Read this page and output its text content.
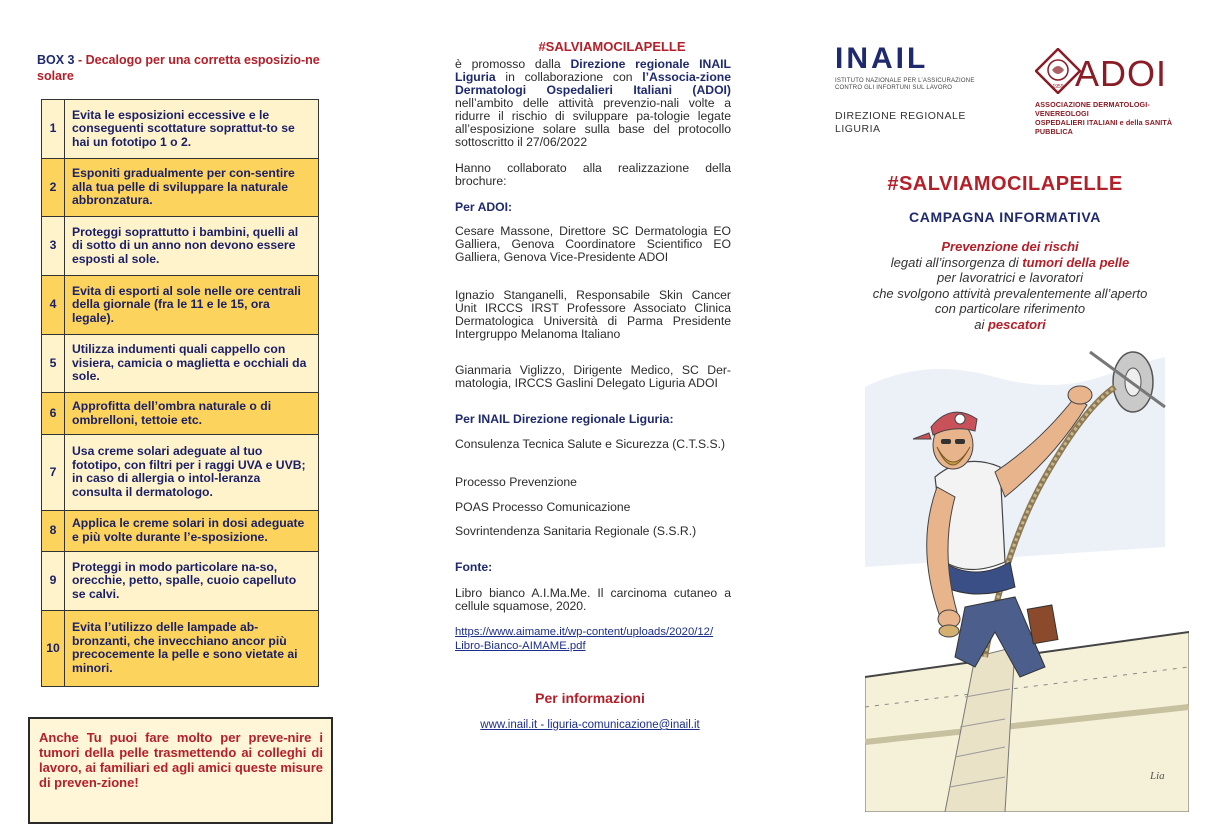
BOX 3 - Decalogo per una corretta esposizio-ne solare
1	Evita le esposizioni eccessive e le conseguenti scottature soprattut-to se hai un fototipo 1 o 2.
2	Esponiti gradualmente per con-sentire alla tua pelle di sviluppare la naturale abbronzatura.
3	Proteggi soprattutto i bambini, quelli al di sotto di un anno non devono essere esposti al sole.
4	Evita di esporti al sole nelle ore centrali della giornale (fra le 11 e le 15, ora legale).
5	Utilizza indumenti quali cappello con visiera, camicia o maglietta e occhiali da sole.
6	Approfitta dell’ombra naturale o di ombrelloni, tettoie etc.
7	Usa creme solari adeguate al tuo fototipo, con filtri per i raggi UVA e UVB; in caso di allergia o intol-leranza consulta il dermatologo.
8	Applica le creme solari in dosi adeguate e più volte durante l’e-sposizione.
9	Proteggi in modo particolare na-so, orecchie, petto, spalle, cuoio capelluto se calvi.
10	Evita l’utilizzo delle lampade ab-bronzanti, che invecchiano ancor più precocemente la pelle e sono vietate ai minori.
Anche Tu puoi fare molto per preve-nire i tumori della pelle trasmettendo ai colleghi di lavoro, ai familiari ed agli amici queste misure di preven-zione!
#SALVIAMOCILAPELLE
è promosso dalla Direzione regionale INAIL Liguria in collaborazione con l’Associa-zione Dermatologi Ospedalieri Italiani (ADOI) nell’ambito delle attività prevenzio-nali volte a ridurre il rischio di sviluppare pa-tologie legate all’esposizione solare sulla base del protocollo sottoscritto il 27/06/2022
Hanno collaborato alla realizzazione della brochure:
Per ADOI:
Cesare Massone, Direttore SC Dermatologia EO Galliera, Genova Coordinatore Scientifico EO Galliera, Genova Vice-Presidente ADOI
Ignazio Stanganelli, Responsabile Skin Cancer Unit IRCCS IRST Professore Associato Clinica Dermatologica Università di Parma Presidente Intergruppo Melanoma Italiano
Gianmaria Viglizzo, Dirigente Medico, SC Der-matologia, IRCCS Gaslini Delegato Liguria ADOI
Per INAIL Direzione regionale Liguria:
Consulenza Tecnica Salute e Sicurezza (C.T.S.S.)
Processo Prevenzione
POAS Processo Comunicazione
Sovrintendenza Sanitaria Regionale (S.S.R.)
Fonte:
Libro bianco A.I.Ma.Me. Il carcinoma cutaneo a cellule squamose, 2020.
https://www.aimame.it/wp-content/uploads/2020/12/
Libro-Bianco-AIMAME.pdf
Per informazioni
www.inail.it - liguria-comunicazione@inail.it
INAIL
ISTITUTO NAZIONALE PER L’ASSICURAZIONE
CONTRO GLI INFORTUNI SUL LAVORO
DIREZIONE REGIONALE
LIGURIA
1959 ADOI
ASSOCIAZIONE DERMATOLOGI-VENEREOLOGI
OSPEDALIERI ITALIANI e della SANITÀ PUBBLICA
#SALVIAMOCILAPELLE
CAMPAGNA INFORMATIVA
Prevenzione dei rischi
legati all’insorgenza di tumori della pelle
per lavoratrici e lavoratori
che svolgono attività prevalentemente all’aperto
con particolare riferimento
ai pescatori
Lia
